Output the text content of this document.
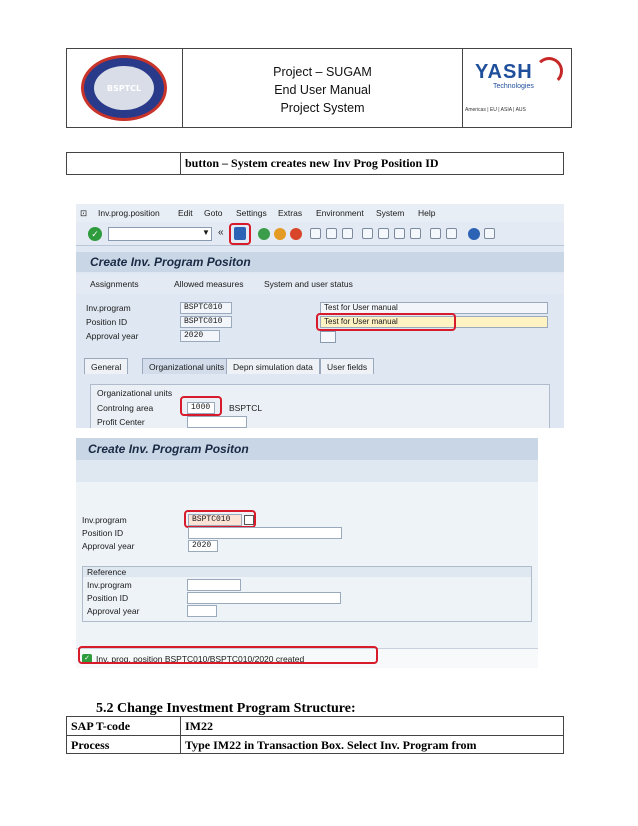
BSPTCL
Project – SUGAM
End User Manual
Project System
YASH
Technologies
Americas | EU | ASIA | AUS
button – System creates new Inv Prog Position ID
⊡ Inv.prog.position Edit Goto Settings Extras Environment System Help
✓	▼ «
Create Inv. Program Positon
Assignments	Allowed measures System and user status
Inv.program	BSPTC010	Test for User manual
Position ID	BSPTC010	Test for User manual
Approval year	2020
General	Organizational units	Depn simulation data	User fields
Organizational units
Controlng area	1000	BSPTCL
Profit Center
Create Inv. Program Positon
Inv.program	BSPTC010
Position ID
Approval year	2020
Reference
Inv.program
Position ID
Approval year
✓ Inv. prog. position BSPTC010/BSPTC010/2020 created
5.2 Change Investment Program Structure:
SAP T-code	IM22
Process	Type IM22 in Transaction Box. Select Inv. Program from
